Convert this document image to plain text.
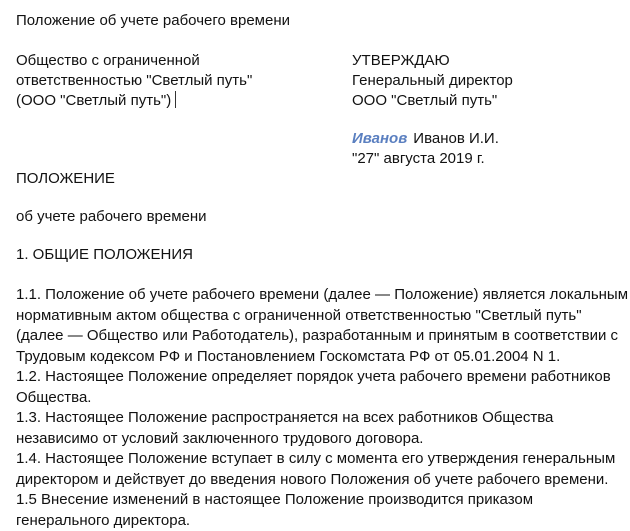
Положение об учете рабочего времени
Общество с ограниченной
ответственностью "Светлый путь"
(ООО "Светлый путь")
УТВЕРЖДАЮ
Генеральный директор
ООО "Светлый путь"
Иванов Иванов И.И.
"27" августа 2019 г.
ПОЛОЖЕНИЕ
об учете рабочего времени
1. ОБЩИЕ ПОЛОЖЕНИЯ
1.1. Положение об учете рабочего времени (далее — Положение) является локальным
нормативным актом общества с ограниченной ответственностью "Светлый путь"
(далее — Общество или Работодатель), разработанным и принятым в соответствии с
Трудовым кодексом РФ и Постановлением Госкомстата РФ от 05.01.2004 N 1.
1.2. Настоящее Положение определяет порядок учета рабочего времени работников
Общества.
1.3. Настоящее Положение распространяется на всех работников Общества
независимо от условий заключенного трудового договора.
1.4. Настоящее Положение вступает в силу с момента его утверждения генеральным
директором и действует до введения нового Положения об учете рабочего времени.
1.5 Внесение изменений в настоящее Положение производится приказом
генерального директора.
